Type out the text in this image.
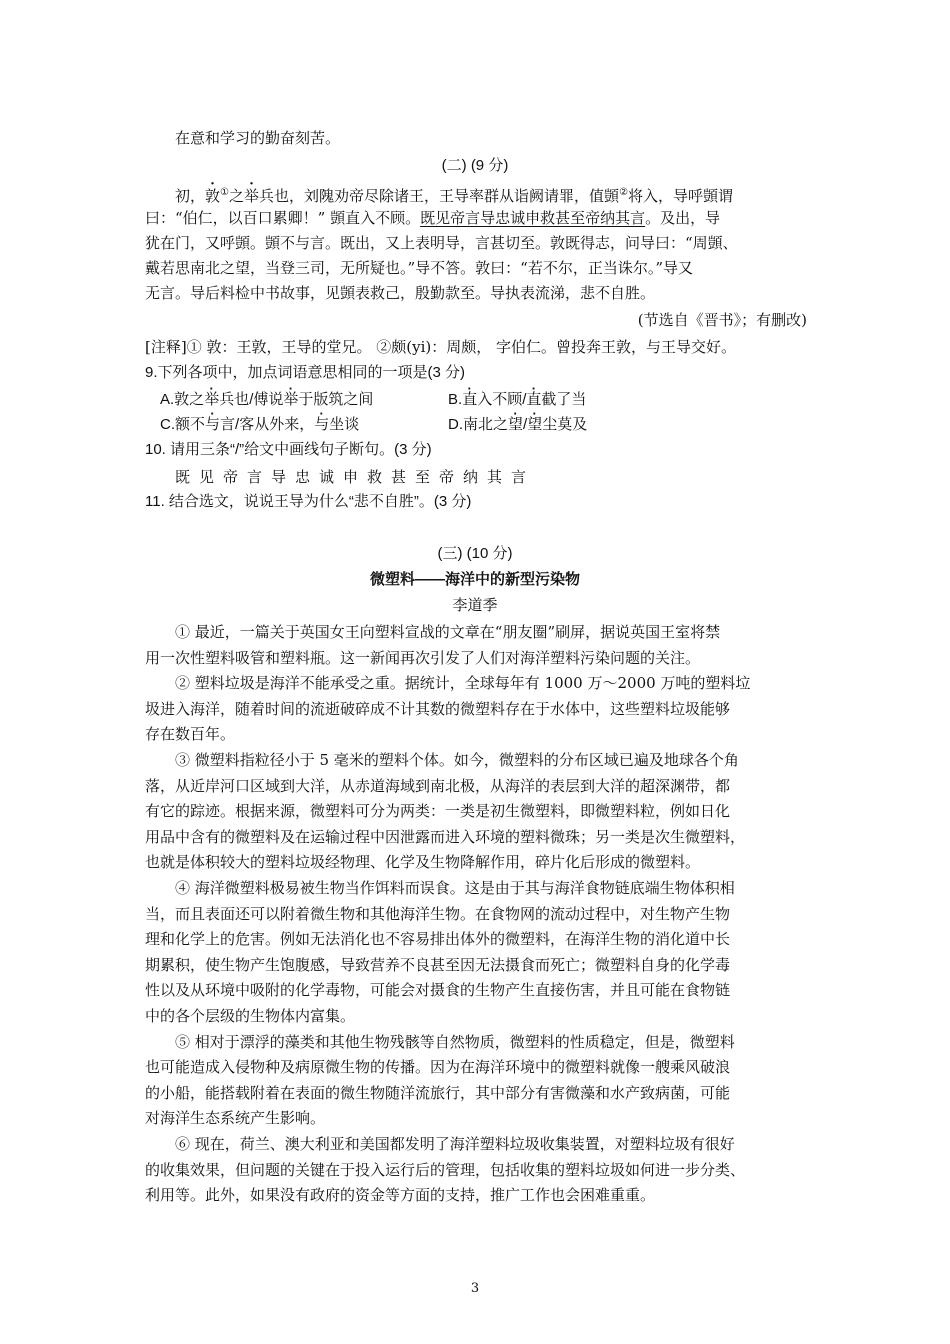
在意和学习的勤奋刻苦。
(二) (9 分)
初，敦①之举兵也，刘隗劝帝尽除诸王，王导率群从诣阙请罪，值顗②将入，导呼顗谓
曰：“伯仁，以百口累卿！” 顗直入不顾。既见帝言导忠诚申救甚至帝纳其言。及出，导
犹在门，又呼顗。顗不与言。既出，又上表明导，言甚切至。敦既得志，问导曰：“周顗、
戴若思南北之望，当登三司，无所疑也。”导不答。敦曰：“若不尔，正当诛尔。”导又
无言。导后料检中书故事，见顗表救己，殷勤款至。导执表流涕，悲不自胜。
(节选自《晋书》；有删改)
[注释]① 敦：王敦，王导的堂兄。 ②颇(yi)：周颇， 字伯仁。曾投奔王敦，与王导交好。
9.下列各项中，加点词语意思相同的一项是(3 分)
A.敦之举兵也/傅说举于版筑之间	B.直入不顾/直截了当
C.额不与言/客从外来，与坐谈	D.南北之望/望尘莫及
10. 请用三条“/”给文中画线句子断句。(3 分)
既见帝言导忠诚申救甚至帝纳其言
11. 结合选文，说说王导为什么“悲不自胜”。(3 分)
(三) (10 分)
微塑料——海洋中的新型污染物
李道季
① 最近，一篇关于英国女王向塑料宣战的文章在“朋友圈”刷屏，据说英国王室将禁
用一次性塑料吸管和塑料瓶。这一新闻再次引发了人们对海洋塑料污染问题的关注。
② 塑料垃圾是海洋不能承受之重。据统计，全球每年有 1000 万～2000 万吨的塑料垃
圾进入海洋，随着时间的流逝破碎成不计其数的微塑料存在于水体中，这些塑料垃圾能够
存在数百年。
③ 微塑料指粒径小于 5 毫米的塑料个体。如今，微塑料的分布区域已遍及地球各个角
落，从近岸河口区域到大洋，从赤道海域到南北极，从海洋的表层到大洋的超深渊带，都
有它的踪迹。根据来源，微塑料可分为两类：一类是初生微塑料，即微塑料粒，例如日化
用品中含有的微塑料及在运输过程中因泄露而进入环境的塑料微珠；另一类是次生微塑料，
也就是体积较大的塑料垃圾经物理、化学及生物降解作用，碎片化后形成的微塑料。
④ 海洋微塑料极易被生物当作饵料而误食。这是由于其与海洋食物链底端生物体积相
当，而且表面还可以附着微生物和其他海洋生物。在食物网的流动过程中，对生物产生物
理和化学上的危害。例如无法消化也不容易排出体外的微塑料，在海洋生物的消化道中长
期累积，使生物产生饱腹感，导致营养不良甚至因无法摄食而死亡；微塑料自身的化学毒
性以及从环境中吸附的化学毒物，可能会对摄食的生物产生直接伤害，并且可能在食物链
中的各个层级的生物体内富集。
⑤ 相对于漂浮的藻类和其他生物残骸等自然物质，微塑料的性质稳定，但是，微塑料
也可能造成入侵物种及病原微生物的传播。因为在海洋环境中的微塑料就像一艘乘风破浪
的小船，能搭载附着在表面的微生物随洋流旅行，其中部分有害微藻和水产致病菌，可能
对海洋生态系统产生影响。
⑥ 现在，荷兰、澳大利亚和美国都发明了海洋塑料垃圾收集装置，对塑料垃圾有很好
的收集效果，但问题的关键在于投入运行后的管理，包括收集的塑料垃圾如何进一步分类、
利用等。此外，如果没有政府的资金等方面的支持，推广工作也会困难重重。
3
